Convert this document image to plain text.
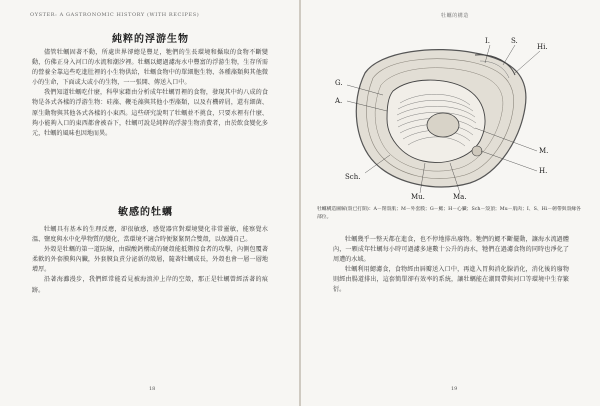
OYSTER: A GASTRONOMIC HISTORY (WITH RECIPES)
純粹的浮游生物

儘管牡蠣固著不動，所處世界卻總是豐足，牠們的生長環境和攝取的食物不斷變動，仿佛正身入河口的水流和潮汐裡。牡蠣以鰓過濾海水中豐富的浮游生物，生存所需的營養全靠這些吃進肚裡的小生物供給，牡蠣食物中的單細胞生物、各種藻類與其他微小的生命，下面或大或小的生物，一一張開、傳送入口中。

我們知道牡蠣吃什麼，科學家藉由分析成年牡蠣胃裡的食物，發現其中約八成的食物是各式各樣的浮游生物：硅藻、鞭毛藻與其他小型藻類，以及有機碎屑，還有細菌、原生動物與其他各式各樣的小東西。這些研究說明了牡蠣並不挑食，只要水裡有什麼、夠小能夠入口的東西都會被吞下，牡蠣可說是純粹的浮游生物消費者，由於飲食變化多元，牡蠣的風味也因地而異。

敏感的牡蠣

牡蠣具有基本的生理反應，卻很敏感，感覺器官對環境變化非常靈敏，能察覺水溫、鹽度與水中化學物質的變化，當環境不適合時便緊緊閉合雙殼，以保護自己。

外殼是牡蠣的第一道防線，由碳酸鈣構成的硬殼能抵禦掠食者的攻擊，內側包覆著柔軟的外套膜與內臟，外套膜負責分泌新的殼層，隨著牡蠣成長，外殼也會一層一層地增厚。

沿著海灘漫步，我們經常能看見被海浪沖上岸的空殼，那正是牡蠣曾經活著的痕跡。

18
牡蠣的構造
I.	S.
Hi.
G.
A.
M.
H.
Sch.
Mu.	Ma.
牡蠣構造圖解(殼已打開)：A－閉殼肌；M－外套膜；G－鰓；H－心臟；Sch－殼頂；Mu－肌肉；I、S、Hi－韌帶與殼緣各部位。

牡蠣幾乎一整天都在進食，也不停地排出廢物。牠們的鰓不斷擺動，讓海水流過體內，一顆成年牡蠣每小時可過濾多達數十公升的海水，牠們在過濾食物的同時也淨化了周遭的水域。

牡蠣利用鰓濾食，食物經由唇瓣送入口中，再進入胃與消化腺消化，消化後的廢物則經由腸道排出，這套簡單卻有效率的系統，讓牡蠣能在潮間帶與河口等環境中生存繁衍。

19
